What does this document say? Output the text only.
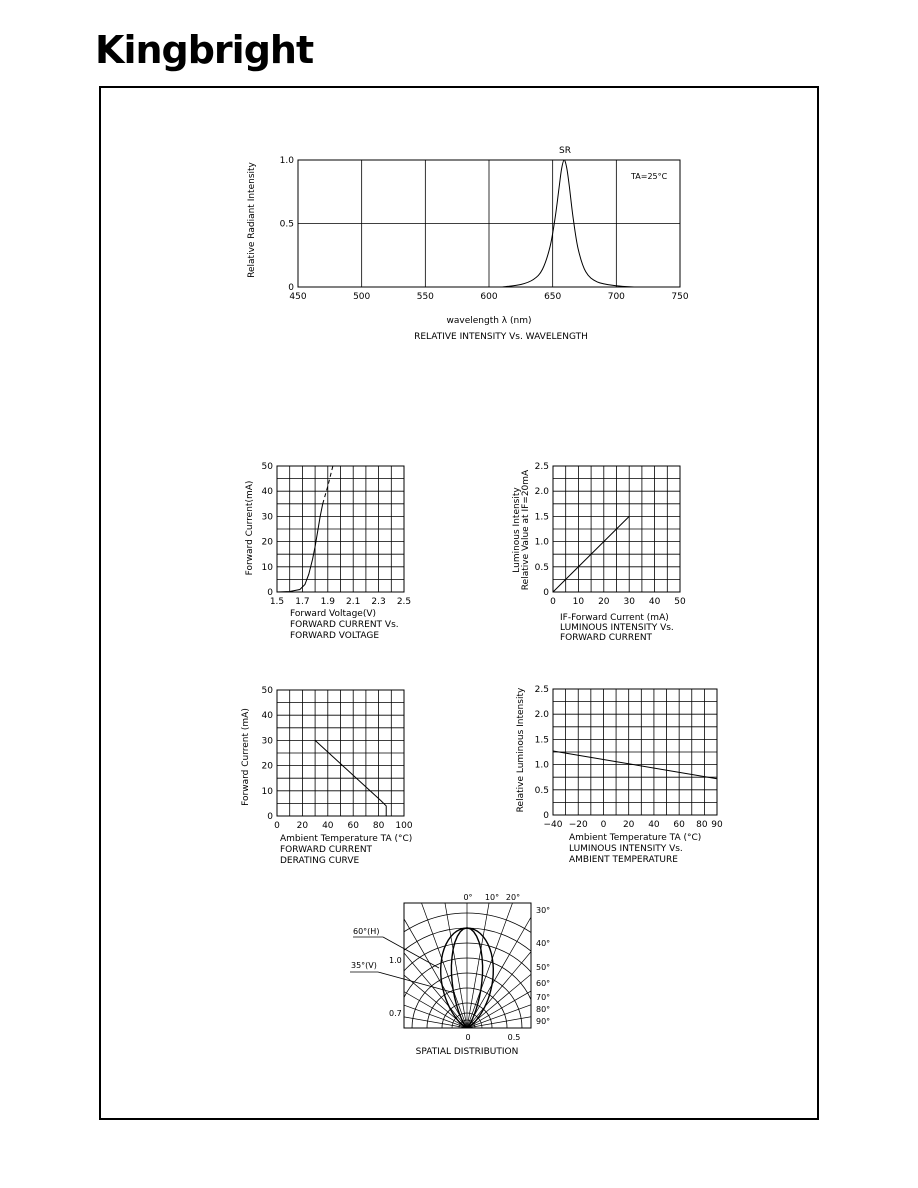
Kingbright
450	500	550	600	650	700	750
0
0.5
1.0
SR
TA=25°C
Relative Radiant Intensity
wavelength λ (nm)
RELATIVE INTENSITY Vs. WAVELENGTH
1.5 1.7 1.9 2.1 2.3 2.5
0
10
20
30
40
50
Forward Current(mA)
Forward Voltage(V)
FORWARD CURRENT Vs.
FORWARD VOLTAGE
0 10 20 30 40 50
0
0.5
1.0
1.5
2.0
2.5
Luminous Intensity Relative Value at IF=20mA
IF-Forward Current (mA)
LUMINOUS INTENSITY Vs.
FORWARD CURRENT
0 20 40 60 80 100
0
10
20
30
40
50
Forward Current (mA)
Ambient Temperature TA (°C)
FORWARD CURRENT
DERATING CURVE
−40 −20 0 20 40 60 80 90
0
0.5
1.0
1.5
2.0
2.5
Relative Luminous Intensity
Ambient Temperature TA (°C)
LUMINOUS INTENSITY Vs.
AMBIENT TEMPERATURE
0° 10° 20°
30°
40°
50°
60°
70°
80°
90°
60°(H)
35°(V)
1.0
0.7
0	0.5
SPATIAL DISTRIBUTION
